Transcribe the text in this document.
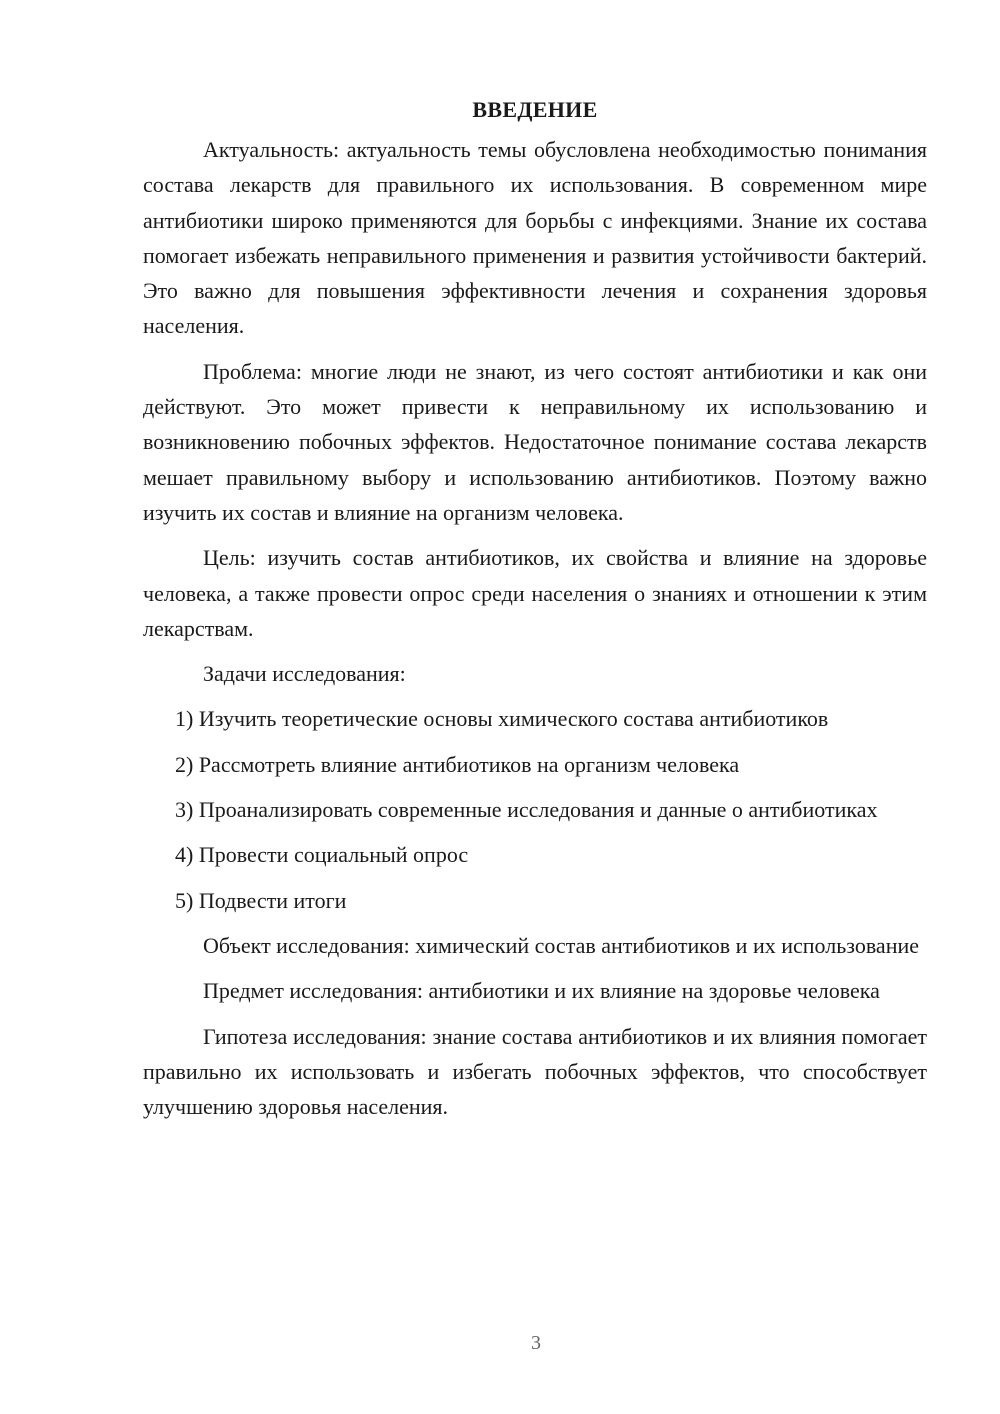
ВВЕДЕНИЕ

Актуальность: актуальность темы обусловлена необходимостью понимания состава лекарств для правильного их использования. В современном мире антибиотики широко применяются для борьбы с инфекциями. Знание их состава помогает избежать неправильного применения и развития устойчивости бактерий. Это важно для повышения эффективности лечения и сохранения здоровья населения.

Проблема: многие люди не знают, из чего состоят антибиотики и как они действуют. Это может привести к неправильному их использованию и возникновению побочных эффектов. Недостаточное понимание состава лекарств мешает правильному выбору и использованию антибиотиков. Поэтому важно изучить их состав и влияние на организм человека.

Цель: изучить состав антибиотиков, их свойства и влияние на здоровье человека, а также провести опрос среди населения о знаниях и отношении к этим лекарствам.

Задачи исследования:

1) Изучить теоретические основы химического состава антибиотиков

2) Рассмотреть влияние антибиотиков на организм человека

3) Проанализировать современные исследования и данные о антибиотиках

4) Провести социальный опрос

5) Подвести итоги

Объект исследования: химический состав антибиотиков и их использование

Предмет исследования: антибиотики и их влияние на здоровье человека

Гипотеза исследования: знание состава антибиотиков и их влияния помогает правильно их использовать и избегать побочных эффектов, что способствует улучшению здоровья населения.

3
